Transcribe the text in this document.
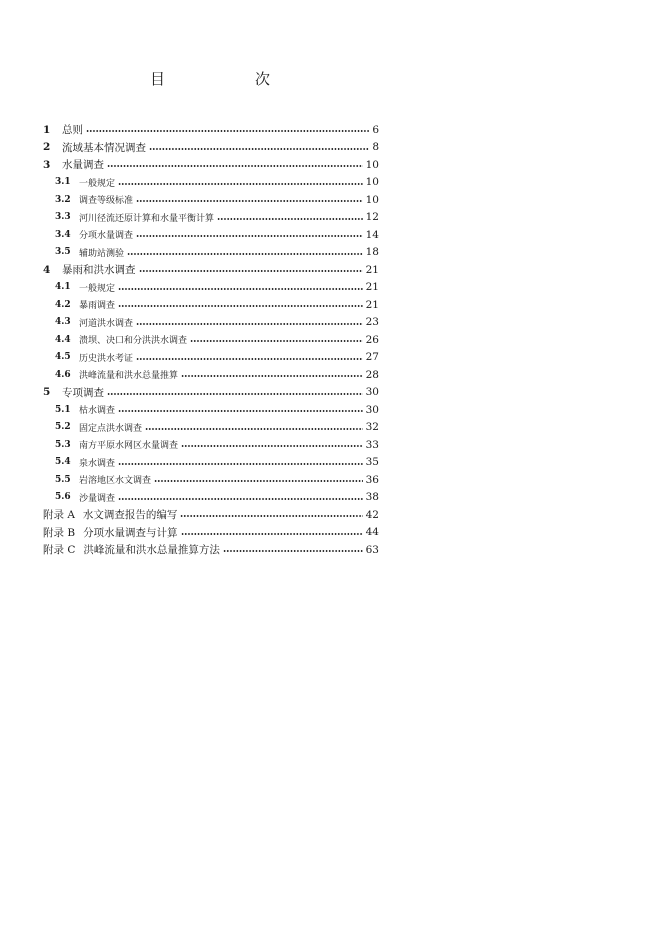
目	次
1	总则	6
2	流域基本情况调查	8
3	水量调查	10
3.1 一般规定	10
3.2 调查等级标准	10
3.3 河川径流还原计算和水量平衡计算	12
3.4 分项水量调查	14
3.5 辅助站测验	18
4	暴雨和洪水调查	21
4.1 一般规定	21
4.2 暴雨调查	21
4.3 河道洪水调查	23
4.4 溃坝、决口和分洪洪水调查	26
4.5 历史洪水考证	27
4.6 洪峰流量和洪水总量推算	28
5	专项调查	30
5.1 枯水调查	30
5.2 固定点洪水调查	32
5.3 南方平原水网区水量调查	33
5.4 泉水调查	35
5.5 岩溶地区水文调查	36
5.6 沙量调查	38
附录 A 水文调查报告的编写	42
附录 B 分项水量调查与计算	44
附录 C 洪峰流量和洪水总量推算方法	63
